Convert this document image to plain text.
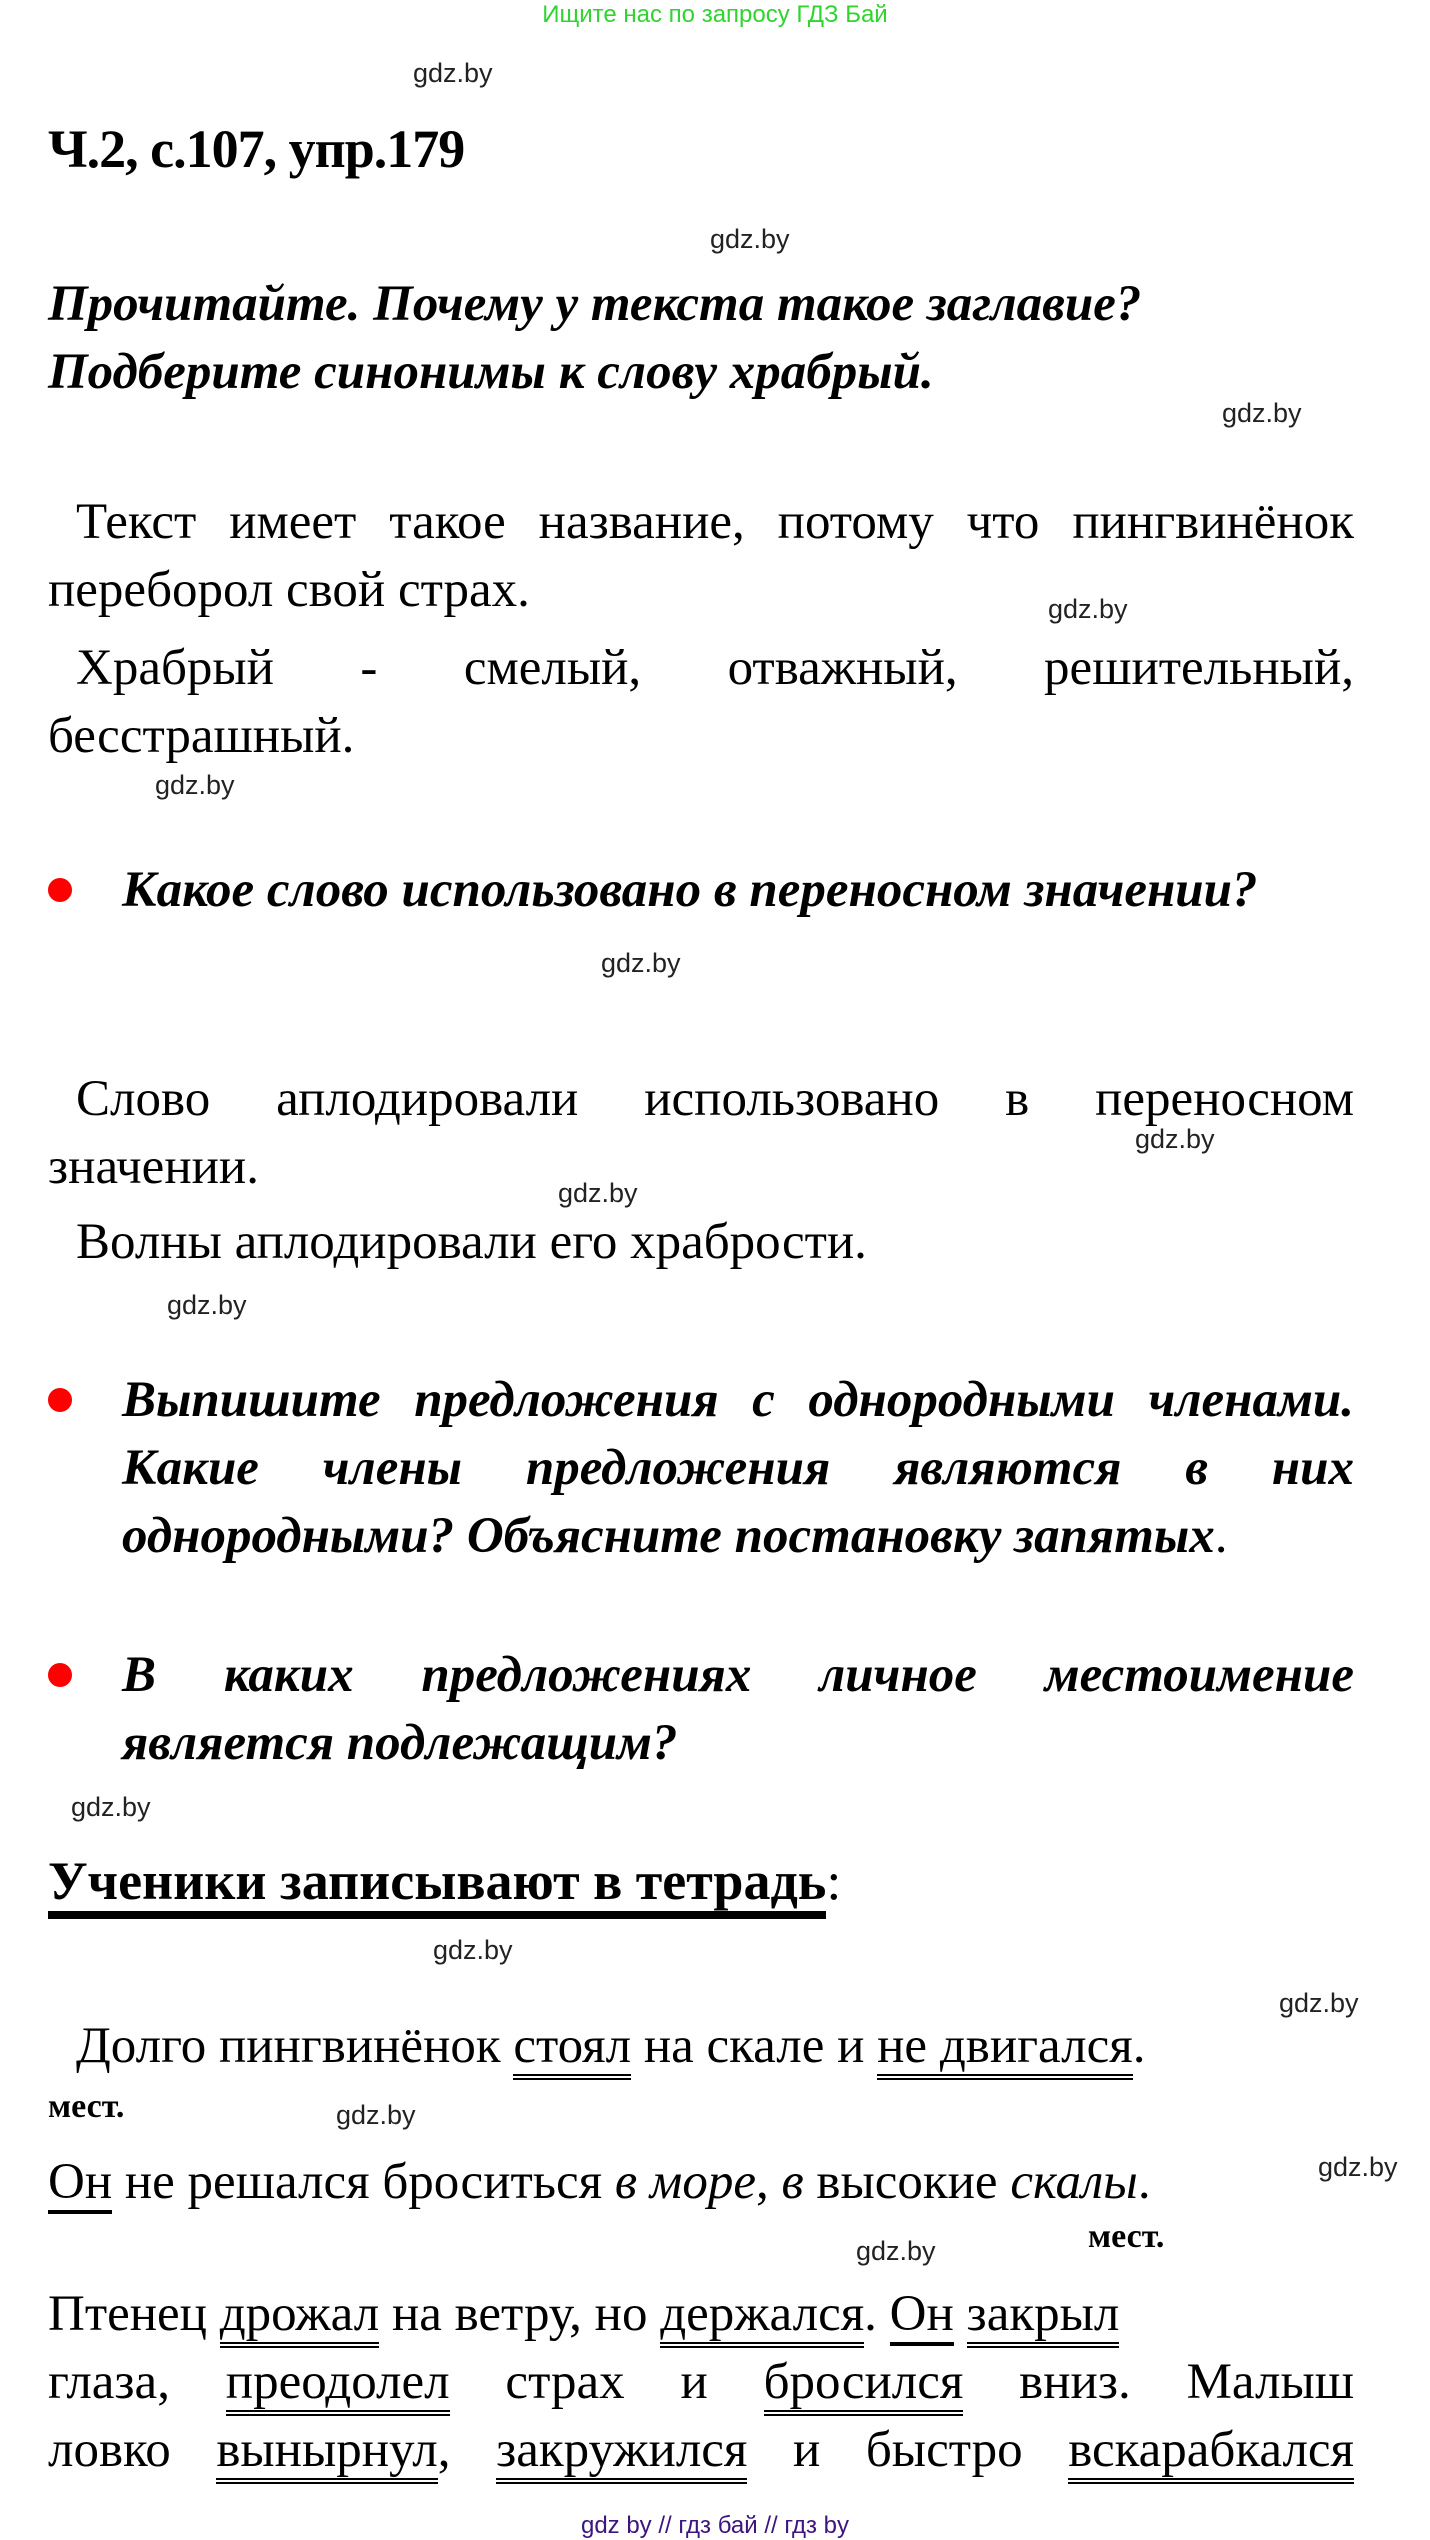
Ищите нас по запросу ГДЗ Бай
gdz.by
gdz.by
gdz.by
gdz.by
gdz.by
gdz.by
gdz.by
gdz.by
gdz.by
gdz.by
gdz.by
gdz.by
gdz.by
gdz.by
gdz.by
Ч.2, с.107, упр.179
Прочитайте. Почему у текста такое заглавие?
Подберите синонимы к слову храбрый.
Текст имеет такое название, потому что пингвинёнок переборол свой страх.
Храбрый - смелый, отважный, решительный, бесстрашный.
Какое слово использовано в переносном значении?
Слово аплодировали использовано в переносном значении.
Волны аплодировали его храбрости.
Выпишите предложения с однородными членами. Какие члены предложения являются в них однородными? Объясните постановку запятых.
В каких предложениях личное местоимение является подлежащим?
Ученики записывают в тетрадь:
Долго пингвинёнок стоял на скале и не двигался.
мест.
Он не решался броситься в море, в высокие скалы.
мест.
Птенец дрожал на ветру, но держался. Он закрыл
глаза, преодолел страх и бросился вниз. Малыш
ловко вынырнул, закружился и быстро вскарабкался
gdz by // гдз бай // гдз by
